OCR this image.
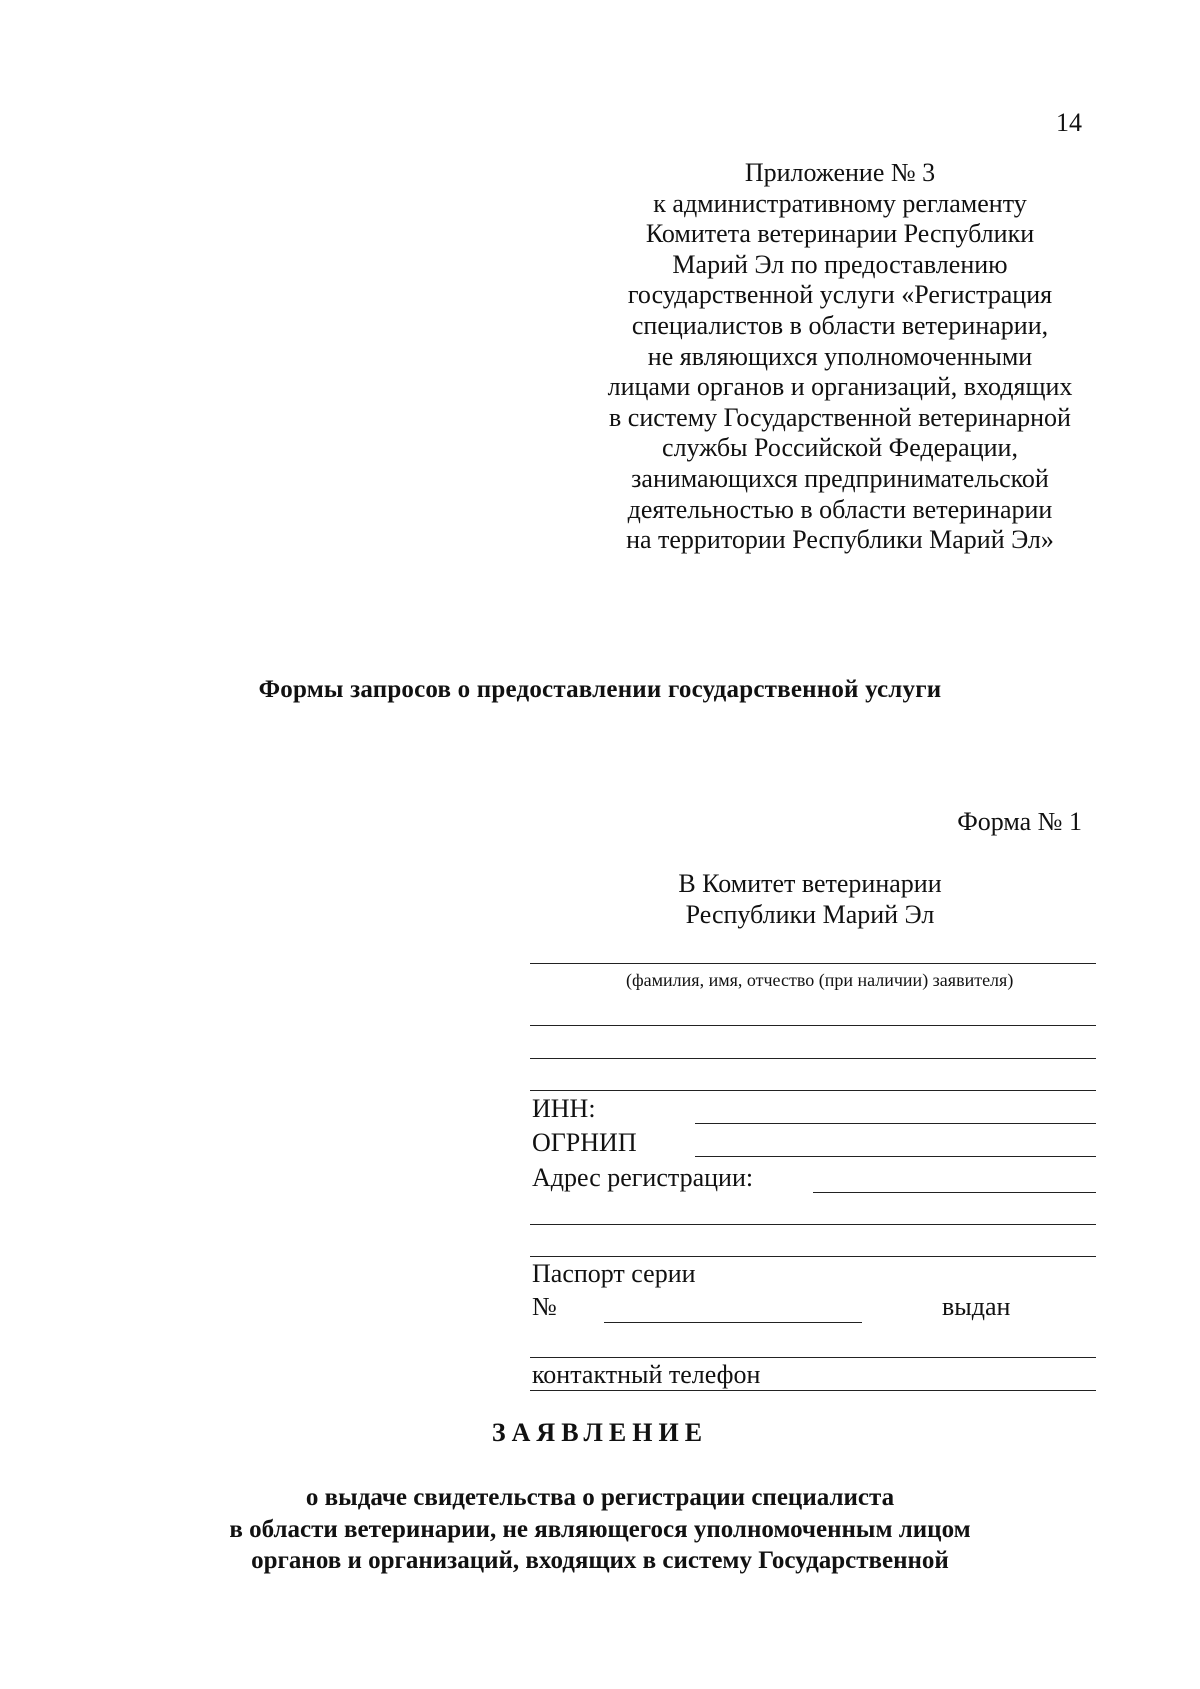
14
Приложение № 3
к административному регламенту
Комитета ветеринарии Республики
Марий Эл по предоставлению
государственной услуги «Регистрация
специалистов в области ветеринарии,
не являющихся уполномоченными
лицами органов и организаций, входящих
в систему Государственной ветеринарной
службы Российской Федерации,
занимающихся предпринимательской
деятельностью в области ветеринарии
на территории Республики Марий Эл»
Формы запросов о предоставлении государственной услуги
Форма № 1
В Комитет ветеринарии
Республики Марий Эл
(фамилия, имя, отчество (при наличии) заявителя)
ИНН:
ОГРНИП
Адрес регистрации:
Паспорт серии
№	выдан
контактный телефон
ЗАЯВЛЕНИЕ
о выдаче свидетельства о регистрации специалиста
в области ветеринарии, не являющегося уполномоченным лицом
органов и организаций, входящих в систему Государственной
